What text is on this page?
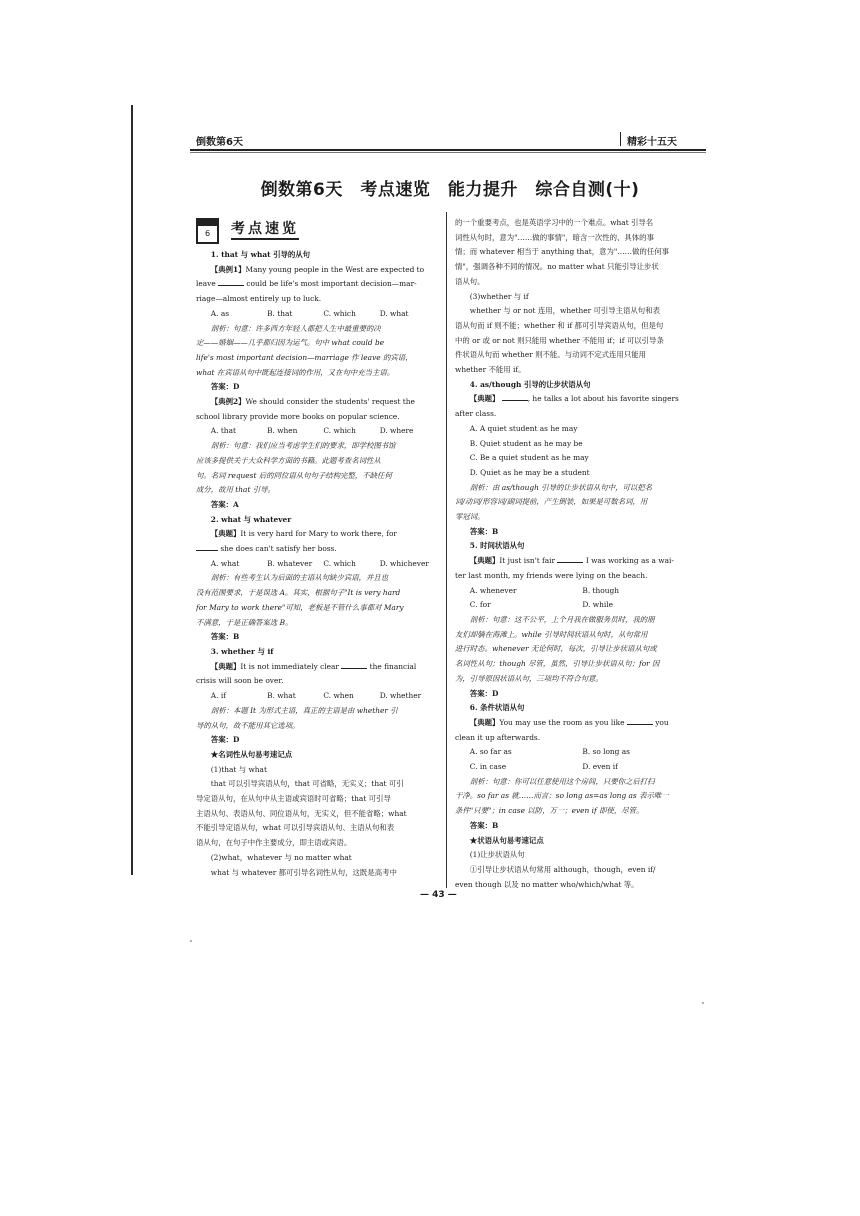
倒数第6天	精彩十五天
倒数第6天　考点速览　能力提升　综合自测(十)
6 考点速览

1. that 与 what 引导的从句

【典例1】Many young people in the West are expected to

leave	could be life's most important decision—mar-

riage—almost entirely up to luck.

A. as	B. that	C. which	D. what

剖析：句意：许多西方年轻人都把人生中最重要的决

定——婚姻——几乎都归因为运气。句中 what could be

life's most important decision—marriage 作 leave 的宾语，

what 在宾语从句中既起连接词的作用，又在句中充当主语。

答案：D

【典例2】We should consider the students' request the

school library provide more books on popular science.

A. that	B. when	C. which	D. where

剖析：句意：我们应当考虑学生们的要求，即学校图书馆

应该多提供关于大众科学方面的书籍。此题考查名词性从

句。名词 request 后的同位语从句句子结构完整，不缺任何

成分，故用 that 引导。

答案：A

2. what 与 whatever

【典题】It is very hard for Mary to work there, for

she does can't satisfy her boss.

A. what	B. whatever	C. which	D. whichever

剖析：有些考生认为后面的主语从句缺少宾语，并且也

没有范围要求，于是误选 A。其实，根据句子"It is very hard

for Mary to work there"可知，老板是不管什么事都对 Mary

不满意，于是正确答案选 B。

答案：B

3. whether 与 if

【典题】It is not immediately clear	the financial

crisis will soon be over.

A. if	B. what	C. when	D. whether

剖析：本题 It 为形式主语，真正的主语是由 whether 引

导的从句，故不能用其它选项。

答案：D

★名词性从句易考速记点

(1)that 与 what

that 可以引导宾语从句，that 可省略，无实义；that 可引

导定语从句，在从句中从主语或宾语时可省略；that 可引导

主语从句、表语从句、同位语从句，无实义，但不能省略；what

不能引导定语从句，what 可以引导宾语从句、主语从句和表

语从句，在句子中作主要成分，即主语或宾语。

(2)what，whatever 与 no matter what

what 与 whatever 都可引导名词性从句，这既是高考中

的一个重要考点，也是英语学习中的一个难点。what 引导名

词性从句时，意为"……做的事情"，暗含一次性的、具体的事

情；而 whatever 相当于 anything that，意为"……做的任何事

情"，强调各种不同的情况。no matter what 只能引导让步状

语从句。

(3)whether 与 if

whether 与 or not 连用，whether 可引导主语从句和表

语从句而 if 则不能；whether 和 if 都可引导宾语从句，但是句

中的 or 或 or not 则只能用 whether 不能用 if；if 可以引导条

件状语从句而 whether 则不能。与动词不定式连用只能用

whether 不能用 if。

4. as/though 引导的让步状语从句

【典题】	, he talks a lot about his favorite singers

after class.

A. A quiet student as he may

B. Quiet student as he may be

C. Be a quiet student as he may

D. Quiet as he may be a student

剖析：由 as/though 引导的让步状语从句中，可以把名

词/动词/形容词/副词提前，产生倒装，如果是可数名词，用

零冠词。

答案：B

5. 时间状语从句

【典题】It just isn't fair	I was working as a wai-

ter last month, my friends were lying on the beach.

A. whenever	B. though
C. for	D. while

剖析：句意：这不公平，上个月我在做服务员时，我的朋

友们却躺在海滩上。while 引导时间状语从句时，从句常用

进行时态。whenever 无论何时，每次，引导让步状语从句或

名词性从句；though 尽管，虽然，引导让步状语从句；for 因

为，引导原因状语从句，三项均不符合句意。

答案：D

6. 条件状语从句

【典题】You may use the room as you like	you

clean it up afterwards.

A. so far as	B. so long as
C. in case	D. even if

剖析：句意：你可以任意使用这个房间，只要你之后打扫

干净。so far as 就……而言；so long as=as long as 表示唯一

条件"只要"；in case 以防，万一；even if 即使，尽管。

答案：B

★状语从句易考速记点

(1)让步状语从句

①引导让步状语从句常用 although，though，even if/

even though 以及 no matter who/which/what 等。

— 43 —
